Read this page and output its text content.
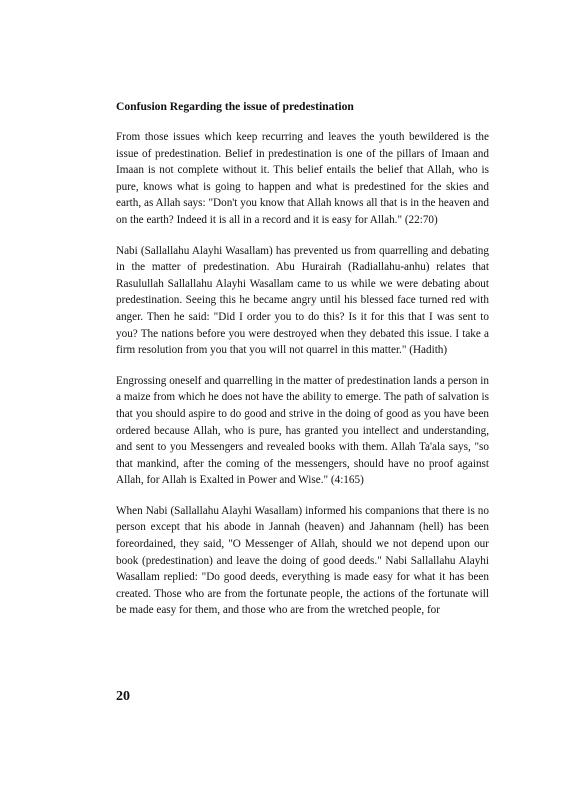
Confusion Regarding the issue of predestination

From those issues which keep recurring and leaves the youth bewildered is the issue of predestination. Belief in predestination is one of the pillars of Imaan and Imaan is not complete without it. This belief entails the belief that Allah, who is pure, knows what is going to happen and what is predestined for the skies and earth, as Allah says: "Don't you know that Allah knows all that is in the heaven and on the earth? Indeed it is all in a record and it is easy for Allah." (22:70)

Nabi (Sallallahu Alayhi Wasallam) has prevented us from quarrelling and debating in the matter of predestination. Abu Hurairah (Radiallahu-anhu) relates that Rasulullah Sallallahu Alayhi Wasallam came to us while we were debating about predestination. Seeing this he became angry until his blessed face turned red with anger. Then he said: "Did I order you to do this? Is it for this that I was sent to you? The nations before you were destroyed when they debated this issue. I take a firm resolution from you that you will not quarrel in this matter." (Hadith)

Engrossing oneself and quarrelling in the matter of predestination lands a person in a maize from which he does not have the ability to emerge. The path of salvation is that you should aspire to do good and strive in the doing of good as you have been ordered because Allah, who is pure, has granted you intellect and understanding, and sent to you Messengers and revealed books with them. Allah Ta'ala says, "so that mankind, after the coming of the messengers, should have no proof against Allah, for Allah is Exalted in Power and Wise." (4:165)

When Nabi (Sallallahu Alayhi Wasallam) informed his companions that there is no person except that his abode in Jannah (heaven) and Jahannam (hell) has been foreordained, they said, "O Messenger of Allah, should we not depend upon our book (predestination) and leave the doing of good deeds." Nabi Sallallahu Alayhi Wasallam replied: "Do good deeds, everything is made easy for what it has been created. Those who are from the fortunate people, the actions of the fortunate will be made easy for them, and those who are from the wretched people, for

20
